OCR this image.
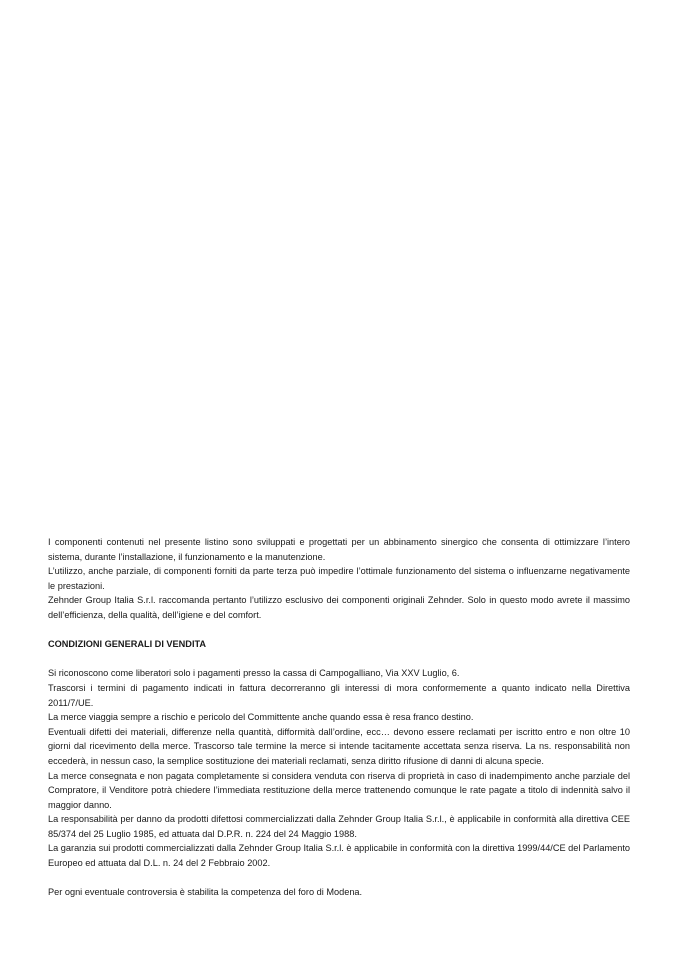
I componenti contenuti nel presente listino sono sviluppati e progettati per un abbinamento sinergico che consenta di ottimizzare l’intero sistema, durante l’installazione, il funzionamento e la manutenzione.

L’utilizzo, anche parziale, di componenti forniti da parte terza può impedire l’ottimale funzionamento del sistema o influenzarne negativamente le prestazioni.

Zehnder Group Italia S.r.l. raccomanda pertanto l’utilizzo esclusivo dei componenti originali Zehnder. Solo in questo modo avrete il massimo dell’efficienza, della qualità, dell’igiene e del comfort.

CONDIZIONI GENERALI DI VENDITA

Si riconoscono come liberatori solo i pagamenti presso la cassa di Campogalliano, Via XXV Luglio, 6.

Trascorsi i termini di pagamento indicati in fattura decorreranno gli interessi di mora conformemente a quanto indicato nella Direttiva 2011/7/UE.

La merce viaggia sempre a rischio e pericolo del Committente anche quando essa è resa franco destino.

Eventuali difetti dei materiali, differenze nella quantità, difformità dall’ordine, ecc… devono essere reclamati per iscritto entro e non oltre 10 giorni dal ricevimento della merce. Trascorso tale termine la merce si intende tacitamente accettata senza riserva. La ns. responsabilità non eccederà, in nessun caso, la semplice sostituzione dei materiali reclamati, senza diritto rifusione di danni di alcuna specie.

La merce consegnata e non pagata completamente si considera venduta con riserva di proprietà in caso di inadempimento anche parziale del Compratore, il Venditore potrà chiedere l’immediata restituzione della merce trattenendo comunque le rate pagate a titolo di indennità salvo il maggior danno.

La responsabilità per danno da prodotti difettosi commercializzati dalla Zehnder Group Italia S.r.l., è applicabile in conformità alla direttiva CEE 85/374 del 25 Luglio 1985, ed attuata dal D.P.R. n. 224 del 24 Maggio 1988.

La garanzia sui prodotti commercializzati dalla Zehnder Group Italia S.r.l. è applicabile in conformità con la direttiva 1999/44/CE del Parlamento Europeo ed attuata dal D.L. n. 24 del 2 Febbraio 2002.

Per ogni eventuale controversia è stabilita la competenza del foro di Modena.
